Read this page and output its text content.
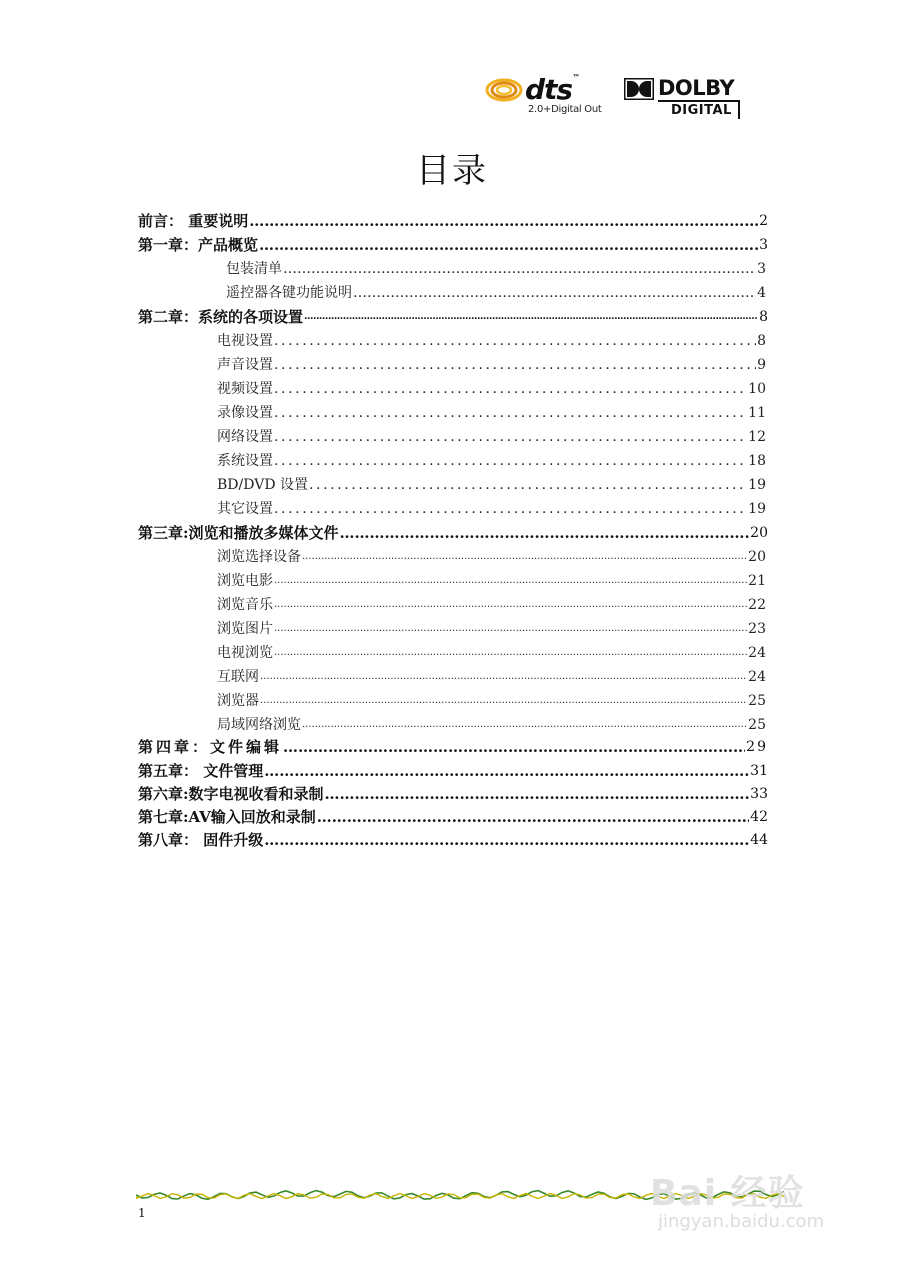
dts™
2.0+Digital Out
DOLBY
DIGITAL
目录
前言： 重要说明 …………………………………………………………………………………………………………………………………………	2
第一章：产品概览 …………………………………………………………………………………………………………………………………………	3
包装清单 …………………………………………………………………………………………………………………………………………	3
遥控器各键功能说明 …………………………………………………………………………………………………………………………………………	4
第二章：系统的各项设置 .....	8
电视设置 .....	8
声音设置 .....	9
视频设置 .....	10
录像设置 .....	11
网络设置 .....	12
系统设置 .....	18
BD/DVD 设置 .....	19
其它设置 .....	19
第三章:浏览和播放多媒体文件 …………………………………………………………………………………………………………………………………………	20
浏览选择设备 .....	20
浏览电影 .....	21
浏览音乐 .....	22
浏览图片 .....	23
电视浏览 .....	24
互联网 .....	24
浏览器 .....	25
局域网络浏览 .....	25
第四章：文件编辑 …………………………………………………………………………………………………………………………………………	29
第五章： 文件管理 …………………………………………………………………………………………………………………………………………	31
第六章:数字电视收看和录制 …………………………………………………………………………………………………………………………………………	33
第七章:AV输入回放和录制 …………………………………………………………………………………………………………………………………………	42
第八章： 固件升级 …………………………………………………………………………………………………………………………………………	44
1	Bai 经验
jingyan.baidu.com
